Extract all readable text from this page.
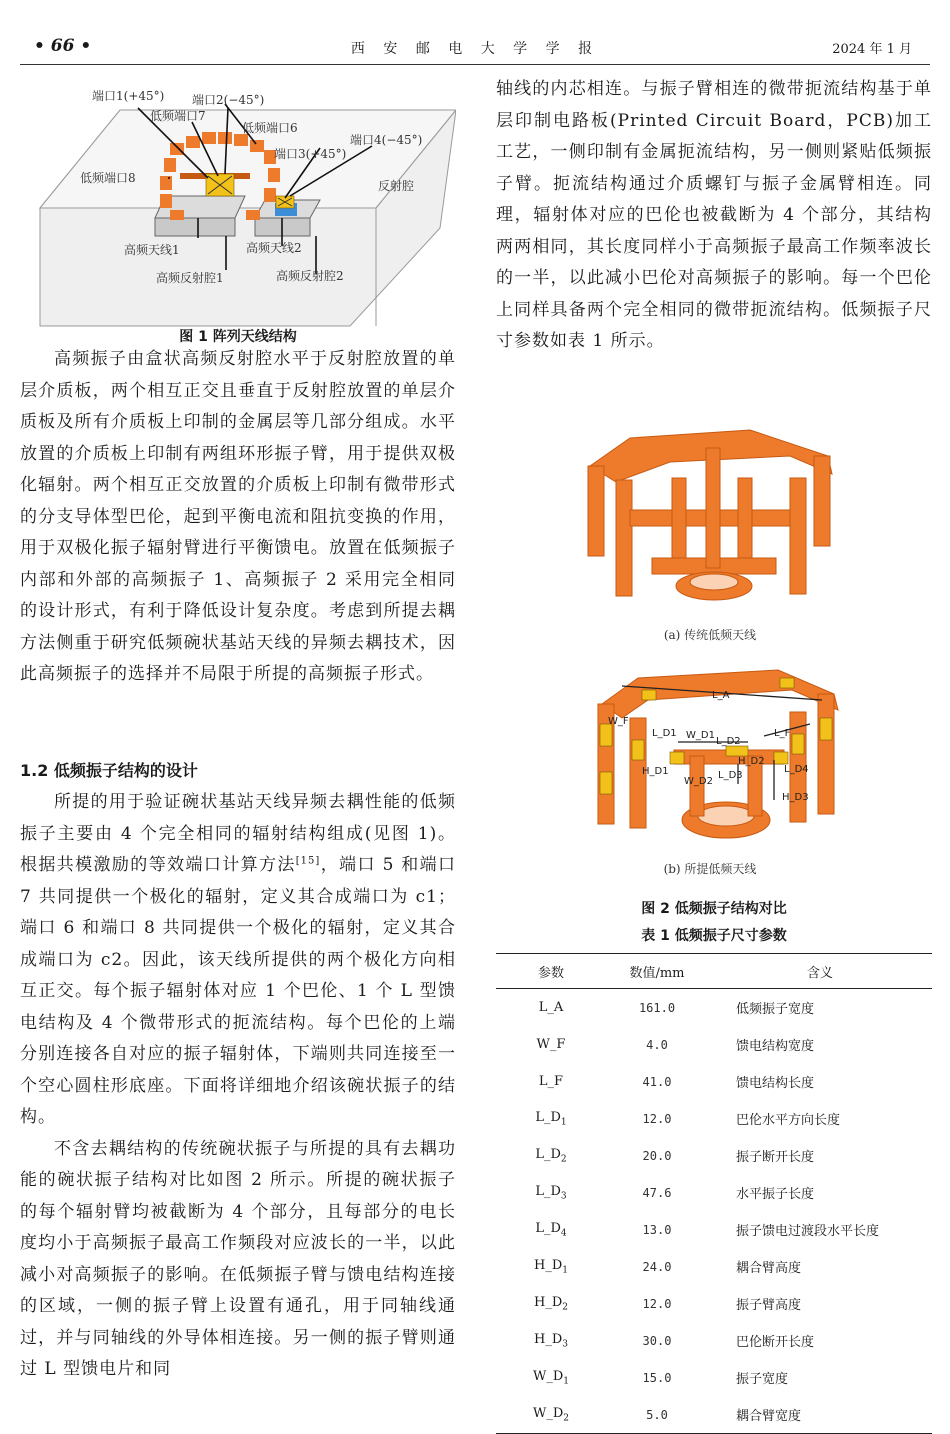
• 66 •	西 安 邮 电 大 学 学 报	2024 年 1 月
端口1(+45°) 端口2(−45°)
低频端口7
低频端口6
端口4(−45°)
端口3(+45°)
低频端口8
反射腔
高频天线1	高频天线2
高频反射腔1	高频反射腔2
图 1 阵列天线结构

高频振子由盒状高频反射腔水平于反射腔放置的单层介质板，两个相互正交且垂直于反射腔放置的单层介质板及所有介质板上印制的金属层等几部分组成。水平放置的介质板上印制有两组环形振子臂，用于提供双极化辐射。两个相互正交放置的介质板上印制有微带形式的分支导体型巴伦，起到平衡电流和阻抗变换的作用，用于双极化振子辐射臂进行平衡馈电。放置在低频振子内部和外部的高频振子 1、高频振子 2 采用完全相同的设计形式，有利于降低设计复杂度。考虑到所提去耦方法侧重于研究低频碗状基站天线的异频去耦技术，因此高频振子的选择并不局限于所提的高频振子形式。

1.2 低频振子结构的设计

所提的用于验证碗状基站天线异频去耦性能的低频振子主要由 4 个完全相同的辐射结构组成(见图 1)。根据共模激励的等效端口计算方法[15]，端口 5 和端口 7 共同提供一个极化的辐射，定义其合成端口为 c1；端口 6 和端口 8 共同提供一个极化的辐射，定义其合成端口为 c2。因此，该天线所提供的两个极化方向相互正交。每个振子辐射体对应 1 个巴伦、1 个 L 型馈电结构及 4 个微带形式的扼流结构。每个巴伦的上端分别连接各自对应的振子辐射体，下端则共同连接至一个空心圆柱形底座。下面将详细地介绍该碗状振子的结构。

不含去耦结构的传统碗状振子与所提的具有去耦功能的碗状振子结构对比如图 2 所示。所提的碗状振子的每个辐射臂均被截断为 4 个部分，且每部分的电长度均小于高频振子最高工作频段对应波长的一半，以此减小对高频振子的影响。在低频振子臂与馈电结构连接的区域，一侧的振子臂上设置有通孔，用于同轴线通过，并与同轴线的外导体相连接。另一侧的振子臂则通过 L 型馈电片和同

轴线的内芯相连。与振子臂相连的微带扼流结构基于单层印制电路板(Printed Circuit Board，PCB)加工工艺，一侧印制有金属扼流结构，另一侧则紧贴低频振子臂。扼流结构通过介质螺钉与振子金属臂相连。同理，辐射体对应的巴伦也被截断为 4 个部分，其结构两两相同，其长度同样小于高频振子最高工作频率波长的一半，以此减小巴伦对高频振子的影响。每一个巴伦上同样具备两个完全相同的微带扼流结构。低频振子尺寸参数如表 1 所示。

(a) 传统低频天线
L_A
W_F
L_F
W_D1
L_D2
H_D2
L_D1
H_D1
W_D2
L_D3
L_D4
H_D3
(b) 所提低频天线
图 2 低频振子结构对比
表 1 低频振子尺寸参数
参数	数值/mm	含义
L_A	161.0	低频振子宽度
W_F	4.0	馈电结构宽度
L_F	41.0	馈电结构长度
$L\_D_1$	12.0	巴伦水平方向长度
$L\_D_2$	20.0	振子断开长度
$L\_D_3$	47.6	水平振子长度
$L\_D_4$	13.0	振子馈电过渡段水平长度
$H\_D_1$	24.0	耦合臂高度
$H\_D_2$	12.0	振子臂高度
$H\_D_3$	30.0	巴伦断开长度
$W\_D_1$	15.0	振子宽度
$W\_D_2$	5.0	耦合臂宽度
